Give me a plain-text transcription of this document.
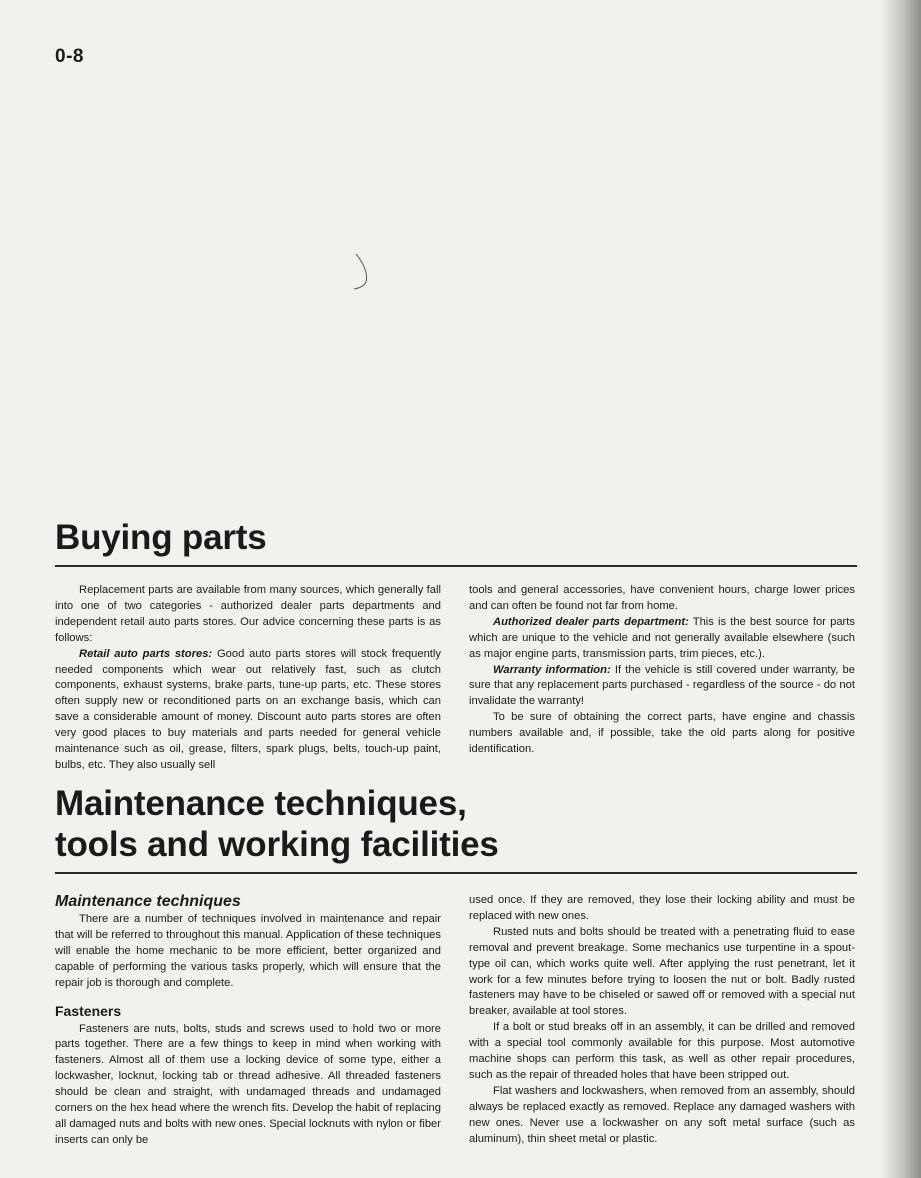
0-8
Buying parts

Replacement parts are available from many sources, which generally fall into one of two categories - authorized dealer parts departments and independent retail auto parts stores. Our advice concerning these parts is as follows:

Retail auto parts stores: Good auto parts stores will stock frequently needed components which wear out relatively fast, such as clutch components, exhaust systems, brake parts, tune-up parts, etc. These stores often supply new or reconditioned parts on an exchange basis, which can save a considerable amount of money. Discount auto parts stores are often very good places to buy materials and parts needed for general vehicle maintenance such as oil, grease, filters, spark plugs, belts, touch-up paint, bulbs, etc. They also usually sell

tools and general accessories, have convenient hours, charge lower prices and can often be found not far from home.

Authorized dealer parts department: This is the best source for parts which are unique to the vehicle and not generally available elsewhere (such as major engine parts, transmission parts, trim pieces, etc.).

Warranty information: If the vehicle is still covered under warranty, be sure that any replacement parts purchased - regardless of the source - do not invalidate the warranty!

To be sure of obtaining the correct parts, have engine and chassis numbers available and, if possible, take the old parts along for positive identification.

Maintenance techniques,
tools and working facilities
Maintenance techniques

There are a number of techniques involved in maintenance and repair that will be referred to throughout this manual. Application of these techniques will enable the home mechanic to be more efficient, better organized and capable of performing the various tasks properly, which will ensure that the repair job is thorough and complete.

Fasteners

Fasteners are nuts, bolts, studs and screws used to hold two or more parts together. There are a few things to keep in mind when working with fasteners. Almost all of them use a locking device of some type, either a lockwasher, locknut, locking tab or thread adhesive. All threaded fasteners should be clean and straight, with undamaged threads and undamaged corners on the hex head where the wrench fits. Develop the habit of replacing all damaged nuts and bolts with new ones. Special locknuts with nylon or fiber inserts can only be

used once. If they are removed, they lose their locking ability and must be replaced with new ones.

Rusted nuts and bolts should be treated with a penetrating fluid to ease removal and prevent breakage. Some mechanics use turpentine in a spout-type oil can, which works quite well. After applying the rust penetrant, let it work for a few minutes before trying to loosen the nut or bolt. Badly rusted fasteners may have to be chiseled or sawed off or removed with a special nut breaker, available at tool stores.

If a bolt or stud breaks off in an assembly, it can be drilled and removed with a special tool commonly available for this purpose. Most automotive machine shops can perform this task, as well as other repair procedures, such as the repair of threaded holes that have been stripped out.

Flat washers and lockwashers, when removed from an assembly, should always be replaced exactly as removed. Replace any damaged washers with new ones. Never use a lockwasher on any soft metal surface (such as aluminum), thin sheet metal or plastic.
